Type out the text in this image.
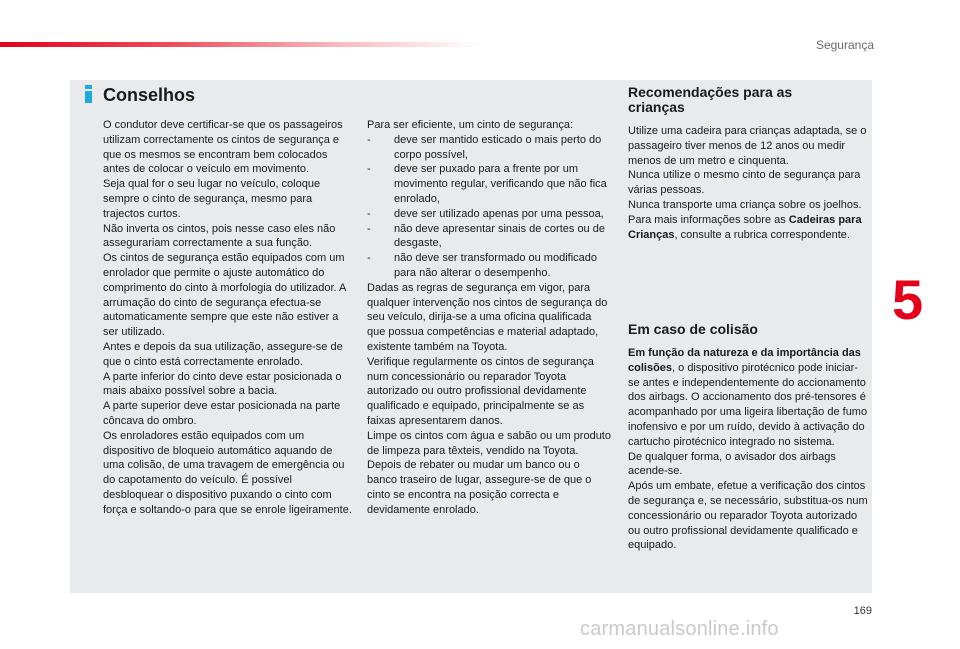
Segurança
Conselhos

O condutor deve certificar-se que os passageiros utilizam correctamente os cintos de segurança e que os mesmos se encontram bem colocados antes de colocar o veículo em movimento.

Seja qual for o seu lugar no veículo, coloque sempre o cinto de segurança, mesmo para trajectos curtos.

Não inverta os cintos, pois nesse caso eles não assegurariam correctamente a sua função.

Os cintos de segurança estão equipados com um enrolador que permite o ajuste automático do comprimento do cinto à morfologia do utilizador. A arrumação do cinto de segurança efectua-se automaticamente sempre que este não estiver a ser utilizado.

Antes e depois da sua utilização, assegure-se de que o cinto está correctamente enrolado.

A parte inferior do cinto deve estar posicionada o mais abaixo possível sobre a bacia.

A parte superior deve estar posicionada na parte côncava do ombro.

Os enroladores estão equipados com um dispositivo de bloqueio automático aquando de uma colisão, de uma travagem de emergência ou do capotamento do veículo. É possível desbloquear o dispositivo puxando o cinto com força e soltando-o para que se enrole ligeiramente.

Para ser eficiente, um cinto de segurança:

- deve ser mantido esticado o mais perto do corpo possível,
- deve ser puxado para a frente por um movimento regular, verificando que não fica enrolado,
- deve ser utilizado apenas por uma pessoa,
- não deve apresentar sinais de cortes ou de desgaste,
- não deve ser transformado ou modificado para não alterar o desempenho.

Dadas as regras de segurança em vigor, para qualquer intervenção nos cintos de segurança do seu veículo, dirija-se a uma oficina qualificada que possua competências e material adaptado, existente também na Toyota.

Verifique regularmente os cintos de segurança num concessionário ou reparador Toyota autorizado ou outro profissional devidamente qualificado e equipado, principalmente se as faixas apresentarem danos.

Limpe os cintos com água e sabão ou um produto de limpeza para têxteis, vendido na Toyota.

Depois de rebater ou mudar um banco ou o banco traseiro de lugar, assegure-se de que o cinto se encontra na posição correcta e devidamente enrolado.

Recomendações para as crianças

Utilize uma cadeira para crianças adaptada, se o passageiro tiver menos de 12 anos ou medir menos de um metro e cinquenta.

Nunca utilize o mesmo cinto de segurança para várias pessoas.

Nunca transporte uma criança sobre os joelhos.

Para mais informações sobre as Cadeiras para Crianças, consulte a rubrica correspondente.

Em caso de colisão

Em função da natureza e da importância das colisões, o dispositivo pirotécnico pode iniciar-se antes e independentemente do accionamento dos airbags. O accionamento dos pré-tensores é acompanhado por uma ligeira libertação de fumo inofensivo e por um ruído, devido à activação do cartucho pirotécnico integrado no sistema.

De qualquer forma, o avisador dos airbags acende-se.

Após um embate, efetue a verificação dos cintos de segurança e, se necessário, substitua-os num concessionário ou reparador Toyota autorizado ou outro profissional devidamente qualificado e equipado.

5
169
carmanualsonline.info
